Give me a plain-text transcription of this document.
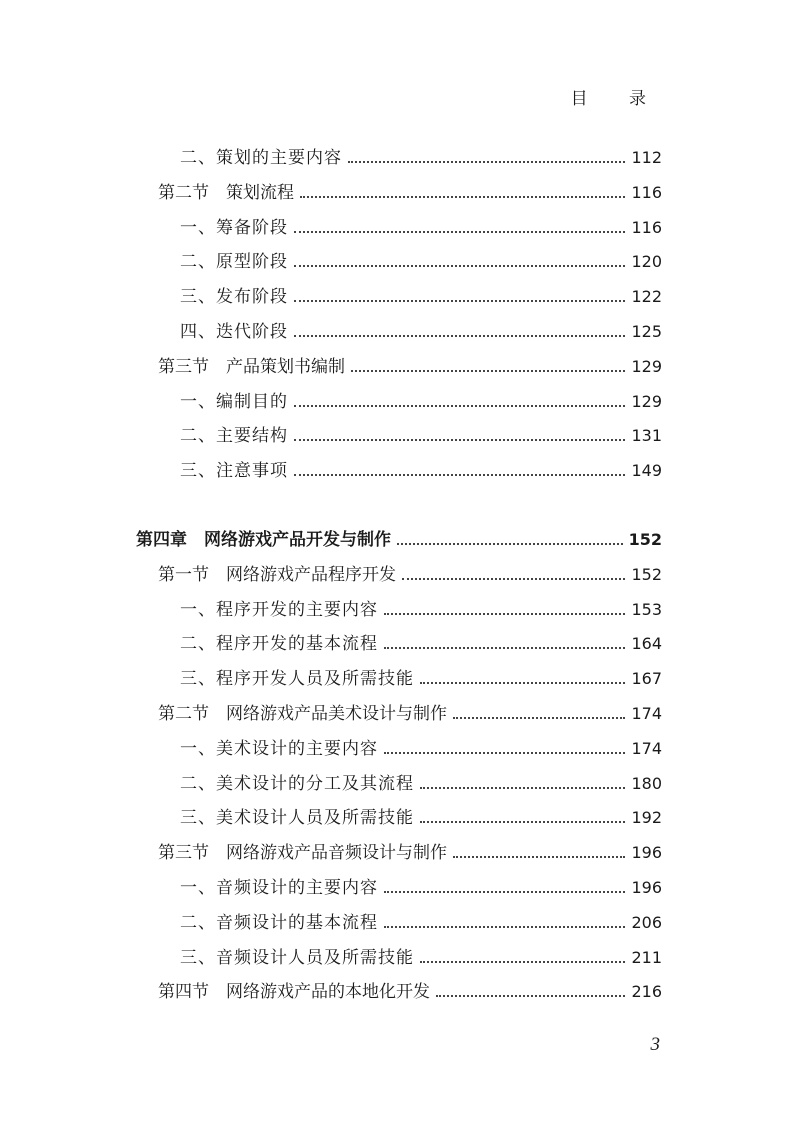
目 录
二、策划的主要内容	112
第二节　策划流程	116
一、筹备阶段	116
二、原型阶段	120
三、发布阶段	122
四、迭代阶段	125
第三节　产品策划书编制	129
一、编制目的	129
二、主要结构	131
三、注意事项	149
第四章　网络游戏产品开发与制作	152
第一节　网络游戏产品程序开发	152
一、程序开发的主要内容	153
二、程序开发的基本流程	164
三、程序开发人员及所需技能	167
第二节　网络游戏产品美术设计与制作	174
一、美术设计的主要内容	174
二、美术设计的分工及其流程	180
三、美术设计人员及所需技能	192
第三节　网络游戏产品音频设计与制作	196
一、音频设计的主要内容	196
二、音频设计的基本流程	206
三、音频设计人员及所需技能	211
第四节　网络游戏产品的本地化开发	216
3
